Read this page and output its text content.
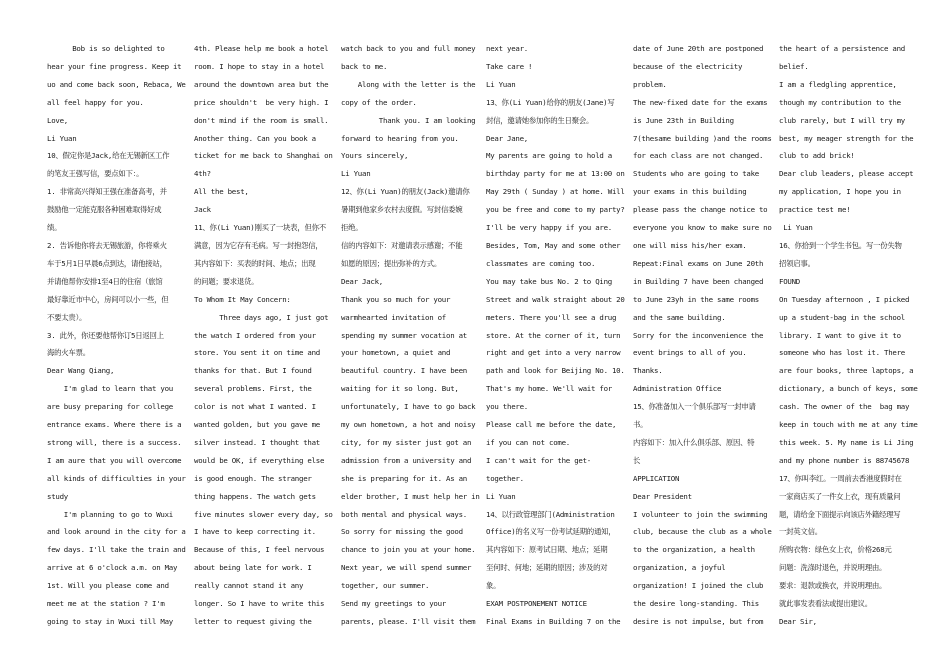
Bob is so delighted to

hear your fine progress. Keep it

uo and come back soon, Rebaca, We

all feel happy for you.

Love,

Li Yuan

10、假定你是Jack,给在无锡新区工作

的笔友王强写信，要点如下：。

1. 非常高兴得知王强在准备高考，并

鼓励他一定能克服各种困难取得好成

绩。

2. 告诉他你将去无锡旅游，你将乘火

车于5月1日早晨6点到达，请他接站，

并请他帮你安排1至4日的住宿（旅馆

最好靠近市中心，房间可以小一些，但

不要太贵）。

3. 此外，你还要他帮你订5日返回上

海的火车票。

Dear Wang Qiang,

I'm glad to learn that you

are busy preparing for college

entrance exams. Where there is a

strong will, there is a success.

I am aure that you will overcome

all kinds of difficulties in your

study

I'm planning to go to Wuxi

and look around in the city for a

few days. I'll take the train and

arrive at 6 o'clock a.m. on May

1st. Will you please come and

meet me at the station ? I'm

going to stay in Wuxi till May

4th. Please help me book a hotel

room. I hope to stay in a hotel

around the downtown area but the

price shouldn't  be very high. I

don't mind if the room is small.

Another thing. Can you book a

ticket for me back to Shanghai on

4th?

All the best,

Jack

11、你(Li Yuan)刚买了一块表，但你不

满意，因为它存有毛病。写一封抱怨信，

其内容如下：买表的时间、地点；出现

的问题；要求退货。

To Whom It May Concern:

Three days ago, I just got

the watch I ordered from your

store. You sent it on time and

thanks for that. But I found

several problems. First, the

color is not what I wanted. I

wanted golden, but you gave me

silver instead. I thought that

would be OK, if everything else

is good enough. The stranger

thing happens. The watch gets

five minutes slower every day, so

I have to keep correcting it.

Because of this, I feel nervous

about being late for work. I

really cannot stand it any

longer. So I have to write this

letter to request giving the

watch back to you and full money

back to me.

Along with the letter is the

copy of the order.

Thank you. I am looking

forward to hearing from you.

Yours sincerely,

Li Yuan

12、你(Li Yuan)的朋友(Jack)邀请你

暑期到他家乡农村去度假。写封信委婉

拒绝。

信的内容如下：对邀请表示感谢；不能

如愿的原因；提出弥补的方式。

Dear Jack,

Thank you so much for your

warmhearted invitation of

spending my summer vocation at

your hometown, a quiet and

beautiful country. I have been

waiting for it so long. But,

unfortunately, I have to go back

my own hometown, a hot and noisy

city, for my sister just got an

admission from a university and

she is preparing for it. As an

elder brother, I must help her in

both mental and physical ways.

So sorry for missing the good

chance to join you at your home.

Next year, we will spend summer

together, our summer.

Send my greetings to your

parents, please. I'll visit them

next year.

Take care !

Li Yuan

13、你(Li Yuan)给你的朋友(Jane)写

封信，邀请她参加你的生日聚会。

Dear Jane,

My parents are going to hold a

birthday party for me at 13:00 on

May 29th ( Sunday ) at home. Will

you be free and come to my party?

I'll be very happy if you are.

Besides, Tom, May and some other

classmates are coming too.

You may take bus No. 2 to Qing

Street and walk straight about 20

meters. There you'll see a drug

store. At the corner of it, turn

right and get into a very narrow

path and look for Beijing No. 10.

That's my home. We'll wait for

you there.

Please call me before the date,

if you can not come.

I can't wait for the get-

together.

Li Yuan

14、以行政管理部门(Administration

Office)的名义写一份考试延期的通知，

其内容如下：原考试日期、地点；延期

至何时、何地；延期的原因；涉及的对

象。

EXAM POSTPONEMENT NOTICE

Final Exams in Building 7 on the

date of June 20th are postponed

because of the electricity

problem.

The new-fixed date for the exams

is June 23th in Building

7(thesame building )and the rooms

for each class are not changed.

Students who are going to take

your exams in this building

please pass the change notice to

everyone you know to make sure no

one will miss his/her exam.

Repeat:Final exams on June 20th

in Building 7 have been changed

to June 23yh in the same rooms

and the same building.

Sorry for the inconvenience the

event brings to all of you.

Thanks.

Administration Office

15、你准备加入一个俱乐部写一封申请

书。

内容如下：加入什么俱乐部、原因、特

长

APPLICATION

Dear President

I volunteer to join the swimming

club, because the club as a whole

to the organization, a health

organization, a joyful

organization! I joined the club

the desire long-standing. This

desire is not impulse, but from

the heart of a persistence and

belief.

I am a fledgling apprentice,

though my contribution to the

club rarely, but I will try my

best, my meager strength for the

club to add brick!

Dear club leaders, please accept

my application, I hope you in

practice test me!

Li Yuan

16、你拾到一个学生书包。写一份失物

招领启事。

FOUND

On Tuesday afternoon , I picked

up a student-bag in the school

library. I want to give it to

someone who has lost it. There

are four books, three laptops, a

dictionary, a bunch of keys, some

cash. The owner of the  bag may

keep in touch with me at any time

this week. 5. My name is Li Jing

and my phone number is 88745678

17、你叫李红。一周前去香港度假时在

一家商店买了一件女上衣，现有质量问

题，请给金下面提示向该店外籍经理写

一封英文信。

所购衣物：绿色女上衣，价格268元

问题：洗涤时退色，并说明理由。

要求：退款或换衣，并说明理由。

就此事发表看法或提出建议。

Dear Sir,
